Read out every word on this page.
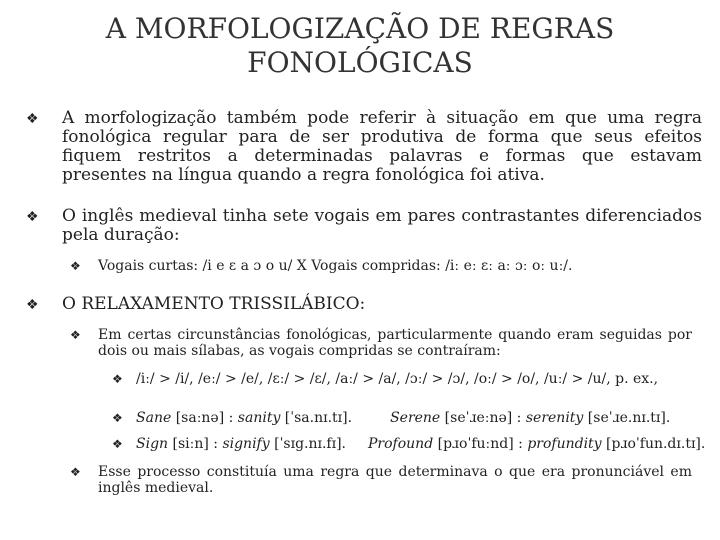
A MORFOLOGIZAÇÃO DE REGRAS
FONOLÓGICAS
❖	A morfologização também pode referir à situação em que uma regra fonológica regular para de ser produtiva de forma que seus efeitos fiquem restritos a determinadas palavras e formas que estavam presentes na língua quando a regra fonológica foi ativa.
❖	O inglês medieval tinha sete vogais em pares contrastantes diferenciados pela duração:
❖	Vogais curtas: /i e ɛ a ɔ o u/ X Vogais compridas: /iː eː ɛː aː ɔː oː uː/.
❖	O RELAXAMENTO TRISSILÁBICO:
❖	Em certas circunstâncias fonológicas, particularmente quando eram seguidas por dois ou mais sílabas, as vogais compridas se contraíram:
❖ /iː/ > /i/, /eː/ > /e/, /ɛː/ > /ɛ/, /aː/ > /a/, /ɔː/ > /ɔ/, /oː/ > /o/, /uː/ > /u/, p. ex.,
❖ Sane [saːnə] : sanity [ˈsa.nɪ.tɪ].	Serene [seˈɹeːnə] : serenity [seˈɹe.nɪ.tɪ].
❖ Sign [siːn] : signify [ˈsɪg.nɪ.fɪ]. Profound [pɹoˈfuːnd] : profundity [pɹoˈfun.dɪ.tɪ].
❖	Esse processo constituía uma regra que determinava o que era pronunciável em inglês medieval.
